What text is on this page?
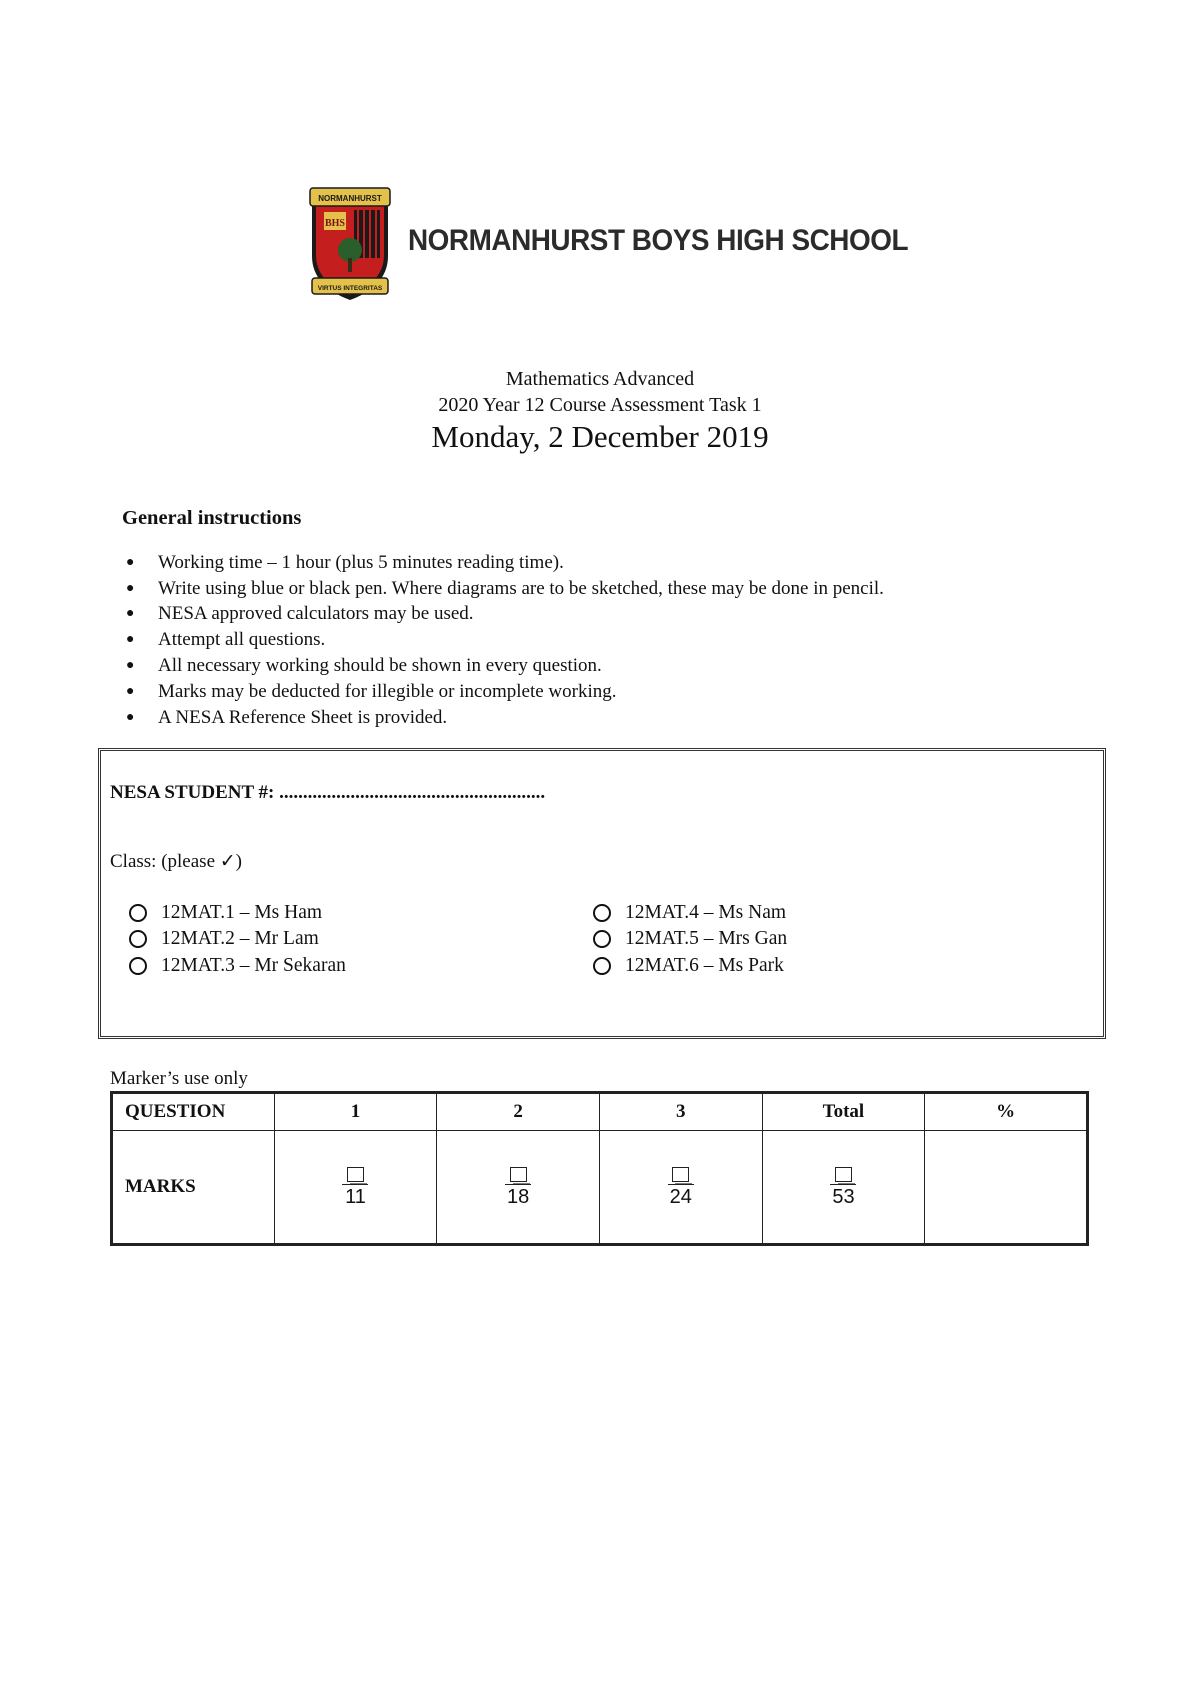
NORMANHURST
BHS
VIRTUS INTEGRITAS
NORMANHURST BOYS HIGH SCHOOL
Mathematics Advanced
2020 Year 12 Course Assessment Task 1
Monday, 2 December 2019
General instructions
●	Working time – 1 hour (plus 5 minutes reading time).
●	Write using blue or black pen. Where diagrams are to be sketched, these may be done in pencil.
●	NESA approved calculators may be used.
●	Attempt all questions.
●	All necessary working should be shown in every question.
●	Marks may be deducted for illegible or incomplete working.
●	A NESA Reference Sheet is provided.
NESA STUDENT #: ........................................................
Class: (please ✓)
12MAT.1 – Ms Ham
12MAT.2 – Mr Lam
12MAT.3 – Mr Sekaran
12MAT.4 – Ms Nam
12MAT.5 – Mrs Gan
12MAT.6 – Ms Park
Marker’s use only
QUESTION	1	2	3	Total	%
MARKS	11	18	24	53	
